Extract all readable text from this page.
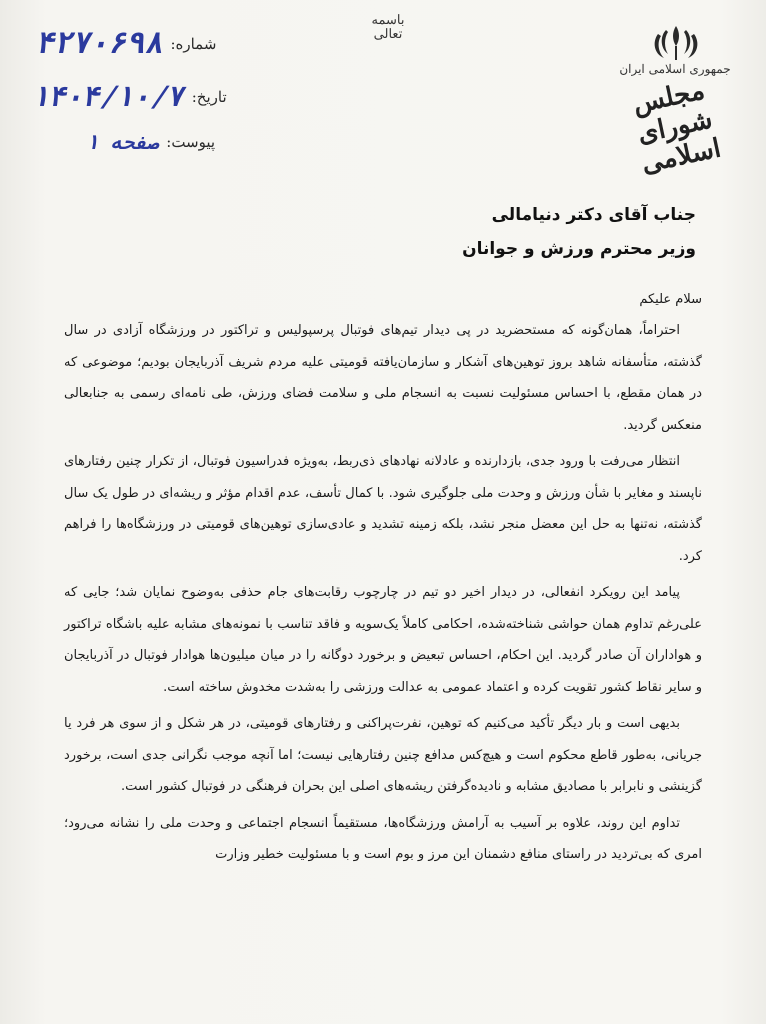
۴۲۷۰۶۹۸ شماره:
۱۴۰۴/۱۰/۷ تاریخ:
صفحه ۱ پیوست:
باسمه تعالی
جمهوری اسلامی ایران
مجلس شورای اسلامی
جناب آقای دکتر دنیامالی
وزیر محترم ورزش و جوانان

سلام علیکم

احتراماً، همان‌گونه که مستحضرید در پی دیدار تیم‌های فوتبال پرسپولیس و تراکتور در ورزشگاه آزادی در سال گذشته، متأسفانه شاهد بروز توهین‌های آشکار و سازمان‌یافته قومیتی علیه مردم شریف آذربایجان بودیم؛ موضوعی که در همان مقطع، با احساس مسئولیت نسبت به انسجام ملی و سلامت فضای ورزش، طی نامه‌ای رسمی به جنابعالی منعکس گردید.

انتظار می‌رفت با ورود جدی، بازدارنده و عادلانه نهادهای ذی‌ربط، به‌ویژه فدراسیون فوتبال، از تکرار چنین رفتارهای ناپسند و مغایر با شأن ورزش و وحدت ملی جلوگیری شود. با کمال تأسف، عدم اقدام مؤثر و ریشه‌ای در طول یک سال گذشته، نه‌تنها به حل این معضل منجر نشد، بلکه زمینه تشدید و عادی‌سازی توهین‌های قومیتی در ورزشگاه‌ها را فراهم کرد.

پیامد این رویکرد انفعالی، در دیدار اخیر دو تیم در چارچوب رقابت‌های جام حذفی به‌وضوح نمایان شد؛ جایی که علی‌رغم تداوم همان حواشی شناخته‌شده، احکامی کاملاً یک‌سویه و فاقد تناسب با نمونه‌های مشابه علیه باشگاه تراکتور و هواداران آن صادر گردید. این احکام، احساس تبعیض و برخورد دوگانه را در میان میلیون‌ها هوادار فوتبال در آذربایجان و سایر نقاط کشور تقویت کرده و اعتماد عمومی به عدالت ورزشی را به‌شدت مخدوش ساخته است.

بدیهی است و بار دیگر تأکید می‌کنیم که توهین، نفرت‌پراکنی و رفتارهای قومیتی، در هر شکل و از سوی هر فرد یا جریانی، به‌طور قاطع محکوم است و هیچ‌کس مدافع چنین رفتارهایی نیست؛ اما آنچه موجب نگرانی جدی است، برخورد گزینشی و نابرابر با مصادیق مشابه و نادیده‌گرفتن ریشه‌های اصلی این بحران فرهنگی در فوتبال کشور است.

تداوم این روند، علاوه بر آسیب به آرامش ورزشگاه‌ها، مستقیماً انسجام اجتماعی و وحدت ملی را نشانه می‌رود؛ امری که بی‌تردید در راستای منافع دشمنان این مرز و بوم است و با مسئولیت خطیر وزارت
